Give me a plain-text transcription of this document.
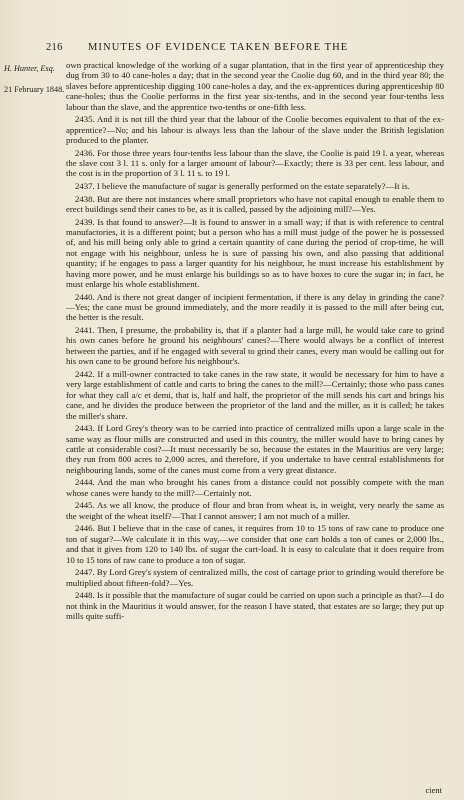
216 MINUTES OF EVIDENCE TAKEN BEFORE THE
H. Hunter, Esq.
21 February 1848.

own practical knowledge of the working of a sugar plantation, that in the first year of apprenticeship they dug from 30 to 40 cane-holes a day; that in the second year the Coolie dug 60, and in the third year 80; the slaves before apprenticeship digging 100 cane-holes a day, and the ex-apprentices during apprenticeship 80 cane-holes; thus the Coolie performs in the first year six-tenths, and in the second year four-tenths less labour than the slave, and the apprentice two-tenths or one-fifth less.

2435. And it is not till the third year that the labour of the Coolie becomes equivalent to that of the ex-apprentice?—No; and his labour is always less than the labour of the slave under the British legislation produced to the planter.

2436. For those three years four-tenths less labour than the slave, the Coolie is paid 19 l. a year, whereas the slave cost 3 l. 11 s. only for a larger amount of labour?—Exactly; there is 33 per cent. less labour, and the cost is in the proportion of 3 l. 11 s. to 19 l.

2437. I believe the manufacture of sugar is generally performed on the estate separately?—It is.

2438. But are there not instances where small proprietors who have not capital enough to enable them to erect buildings send their canes to be, as it is called, passed by the adjoining mill?—Yes.

2439. Is that found to answer?—It is found to answer in a small way; if that is with reference to central manufactories, it is a different point; but a person who has a mill must judge of the power he is possessed of, and his mill being only able to grind a certain quantity of cane during the period of crop-time, he will not engage with his neighbour, unless he is sure of passing his own, and also passing that additional quantity; if he engages to pass a larger quantity for his neighbour, he must increase his establishment by having more power, and he must enlarge his buildings so as to have boxes to cure the sugar in; in fact, he must enlarge his whole establishment.

2440. And is there not great danger of incipient fermentation, if there is any delay in grinding the cane?—Yes; the cane must be ground immediately, and the more readily it is passed to the mill after being cut, the better is the result.

2441. Then, I presume, the probability is, that if a planter had a large mill, he would take care to grind his own canes before he ground his neighbours' canes?—There would always be a conflict of interest between the parties, and if he engaged with several to grind their canes, every man would be calling out for his own cane to be ground before his neighbour's.

2442. If a mill-owner contracted to take canes in the raw state, it would be necessary for him to have a very large establishment of cattle and carts to bring the canes to the mill?—Certainly; those who pass canes for what they call a/c et demi, that is, half and half, the proprietor of the mill sends his cart and brings his cane, and he divides the produce between the proprietor of the land and the miller, as it is called; he takes the miller's share.

2443. If Lord Grey's theory was to be carried into practice of centralized mills upon a large scale in the same way as flour mills are constructed and used in this country, the miller would have to bring canes by cattle at considerable cost?—It must necessarily be so, because the estates in the Mauritius are very large; they run from 800 acres to 2,000 acres, and therefore, if you undertake to have central establishments for neighbouring lands, some of the canes must come from a very great distance.

2444. And the man who brought his canes from a distance could not possibly compete with the man whose canes were handy to the mill?—Certainly not.

2445. As we all know, the produce of flour and bran from wheat is, in weight, very nearly the same as the weight of the wheat itself?—That I cannot answer; I am not much of a miller.

2446. But I believe that in the case of canes, it requires from 10 to 15 tons of raw cane to produce one ton of sugar?—We calculate it in this way,—we consider that one cart holds a ton of canes or 2,000 lbs., and that it gives from 120 to 140 lbs. of sugar the cart-load. It is easy to calculate that it does require from 10 to 15 tons of raw cane to produce a ton of sugar.

2447. By Lord Grey's system of centralized mills, the cost of cartage prior to grinding would therefore be multiplied about fifteen-fold?—Yes.

2448. Is it possible that the manufacture of sugar could be carried on upon such a principle as that?—I do not think in the Mauritius it would answer, for the reason I have stated, that estates are so large; they put up mills quite suffi-

cient
